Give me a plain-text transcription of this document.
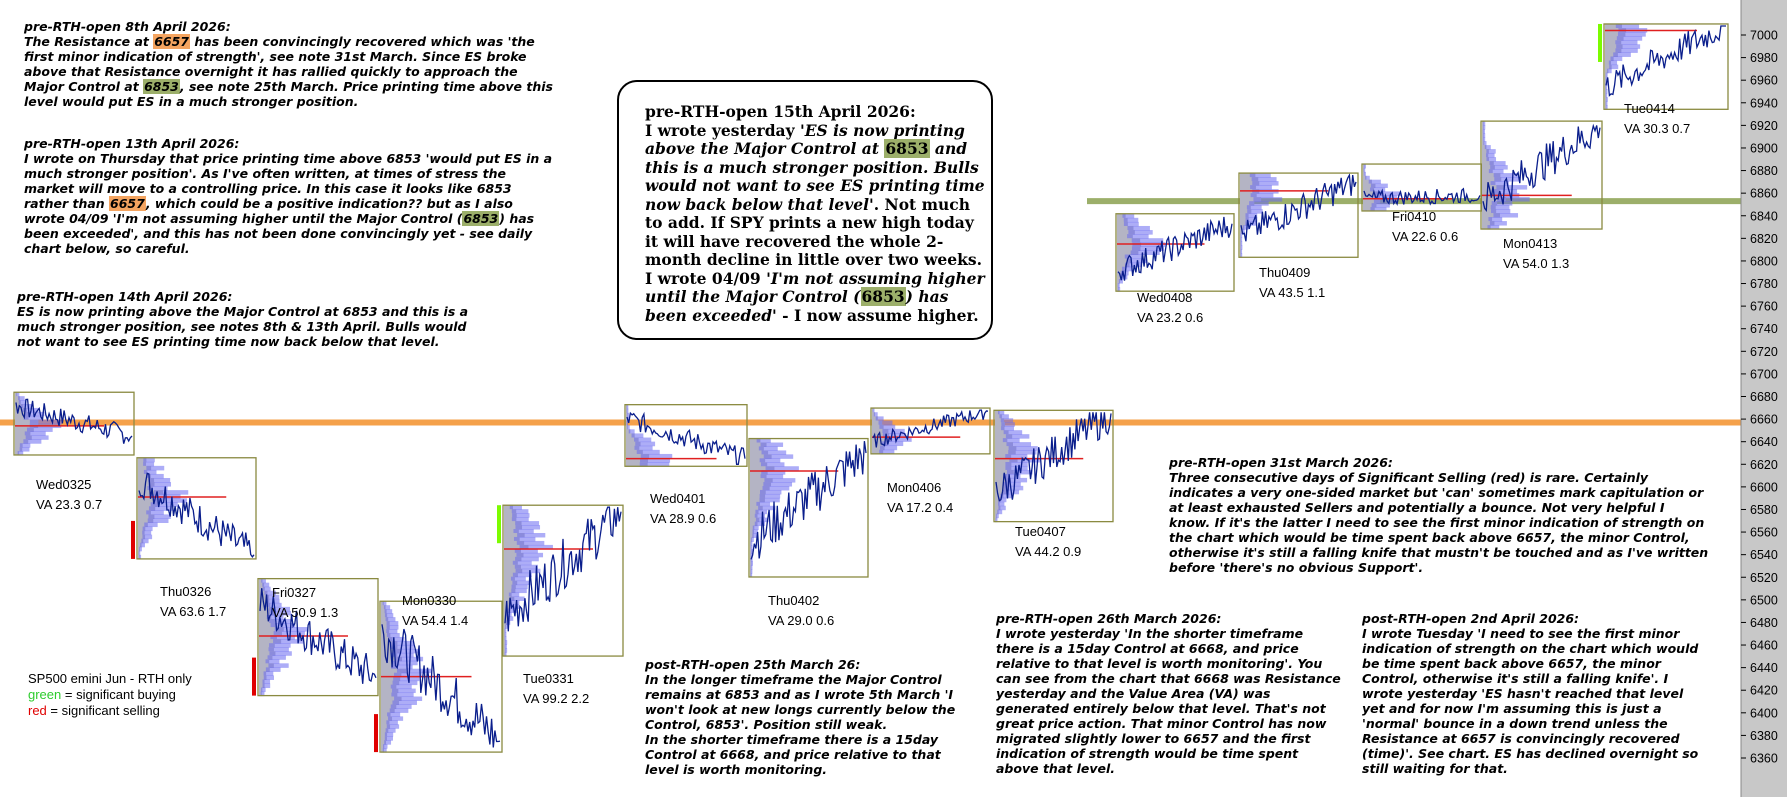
Wed0325
VA 23.3 0.7
Thu0326
VA 63.6 1.7
Fri0327
VA 50.9 1.3
Mon0330
VA 54.4 1.4
Tue0331
VA 99.2 2.2
Wed0401
VA 28.9 0.6
Thu0402
VA 29.0 0.6
Mon0406
VA 17.2 0.4
Tue0407
VA 44.2 0.9
Wed0408
VA 23.2 0.6
Thu0409
VA 43.5 1.1
Fri0410
VA 22.6 0.6	Mon0413
VA 54.0 1.3
Tue0414
VA 30.3 0.7
6360
6380
6400
6420
6440
6460
6480
6500
6520
6540
6560
6580
6600
6620
6640
6660
6680
6700
6720
6740
6760
6780
6800
6820
6840
6860
6880
6900
6920
6940
6960
6980
7000

pre-RTH-open 8th April 2026:

The Resistance at 6657 has been convincingly recovered which was 'the first minor indication of strength', see note 31st March. Since ES broke above that Resistance overnight it has rallied quickly to approach the Major Control at 6853, see note 25th March. Price printing time above this level would put ES in a much stronger position.

pre-RTH-open 13th April 2026:

I wrote on Thursday that price printing time above 6853 'would put ES in a much stronger position'. As I've often written, at times of stress the market will move to a controlling price. In this case it looks like 6853 rather than 6657, which could be a positive indication?? but as I also wrote 04/09 'I'm not assuming higher until the Major Control (6853) has been exceeded', and this has not been done convincingly yet - see daily chart below, so careful.

pre-RTH-open 14th April 2026:

ES is now printing above the Major Control at 6853 and this is a much stronger position, see notes 8th & 13th April. Bulls would not want to see ES printing time now back below that level.

pre-RTH-open 15th April 2026:

I wrote yesterday 'ES is now printing above the Major Control at 6853 and this is a much stronger position. Bulls would not want to see ES printing time now back below that level'. Not much to add. If SPY prints a new high today it will have recovered the whole 2-month decline in little over two weeks. I wrote 04/09 'I'm not assuming higher until the Major Control (6853) has been exceeded' - I now assume higher.

pre-RTH-open 31st March 2026:

Three consecutive days of Significant Selling (red) is rare. Certainly indicates a very one-sided market but 'can' sometimes mark capitulation or at least exhausted Sellers and potentially a bounce. Not very helpful I know. If it's the latter I need to see the first minor indication of strength on the chart which would be time spent back above 6657, the minor Control, otherwise it's still a falling knife that mustn't be touched and as I've written before 'there's no obvious Support'.

post-RTH-open 25th March 26:

In the longer timeframe the Major Control remains at 6853 and as I wrote 5th March 'I won't look at new longs currently below the Control, 6853'. Position still weak.

In the shorter timeframe there is a 15day Control at 6668, and price relative to that level is worth monitoring.

pre-RTH-open 26th March 2026:

I wrote yesterday 'In the shorter timeframe there is a 15day Control at 6668, and price relative to that level is worth monitoring'. You can see from the chart that 6668 was Resistance yesterday and the Value Area (VA) was generated entirely below that level. That's not great price action. That minor Control has now migrated slightly lower to 6657 and the first indication of strength would be time spent above that level.

post-RTH-open 2nd April 2026:

I wrote Tuesday 'I need to see the first minor indication of strength on the chart which would be time spent back above 6657, the minor Control, otherwise it's still a falling knife'. I wrote yesterday 'ES hasn't reached that level yet and for now I'm assuming this is just a 'normal' bounce in a down trend unless the Resistance at 6657 is convincingly recovered (time)'. See chart. ES has declined overnight so still waiting for that.

SP500 emini Jun - RTH only
green = significant buying
red = significant selling
